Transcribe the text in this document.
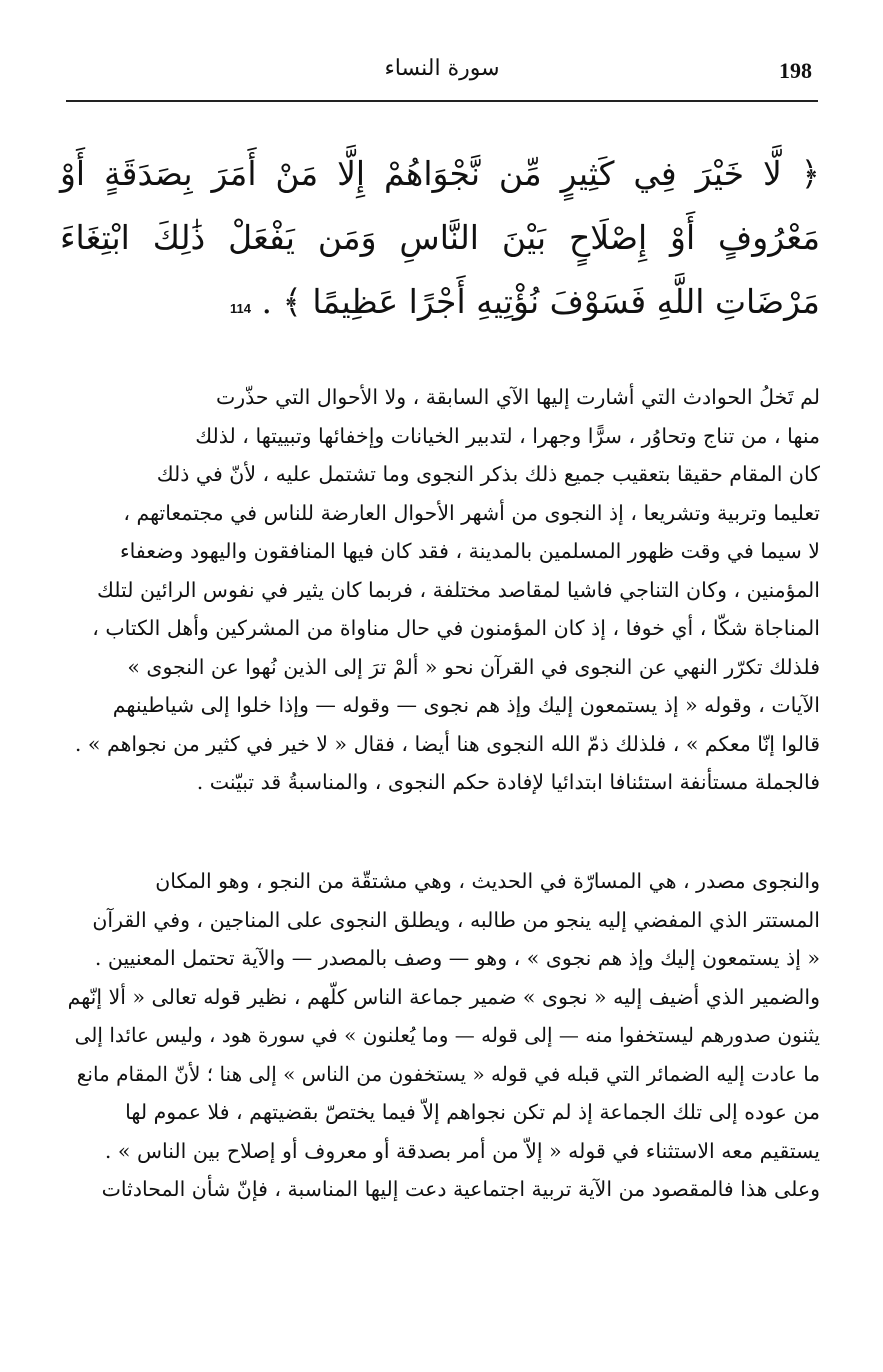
198
سورة النساء
﴿ لَّا خَيْرَ فِي كَثِيرٍ مِّن نَّجْوَاهُمْ إِلَّا مَنْ أَمَرَ بِصَدَقَةٍ أَوْ مَعْرُوفٍ أَوْ إِصْلَاحٍ بَيْنَ النَّاسِ وَمَن يَفْعَلْ ذَٰلِكَ ابْتِغَاءَ مَرْضَاتِ اللَّهِ فَسَوْفَ نُؤْتِيهِ أَجْرًا عَظِيمًا ﴾ . 114
لم تَخلُ الحوادث التي أشارت إليها الآي السابقة ، ولا الأحوال التي حذّرت
منها ، من تناج وتحاوُر ، سرًّا وجهرا ، لتدبير الخيانات وإخفائها وتبييتها ، لذلك
كان المقام حقيقا بتعقيب جميع ذلك بذكر النجوى وما تشتمل عليه ، لأنّ في ذلك
تعليما وتربية وتشريعا ، إذ النجوى من أشهر الأحوال العارضة للناس في مجتمعاتهم ،
لا سيما في وقت ظهور المسلمين بالمدينة ، فقد كان فيها المنافقون واليهود وضعفاء
المؤمنين ، وكان التناجي فاشيا لمقاصد مختلفة ، فربما كان يثير في نفوس الرائين لتلك
المناجاة شكّا ، أي خوفا ، إذ كان المؤمنون في حال مناواة من المشركين وأهل الكتاب ،
فلذلك تكرّر النهي عن النجوى في القرآن نحو « ألمْ ترَ إلى الذين نُهوا عن النجوى »
الآيات ، وقوله « إذ يستمعون إليك وإذ هم نجوى — وقوله — وإذا خلوا إلى شياطينهم
قالوا إنّا معكم » ، فلذلك ذمّ الله النجوى هنا أيضا ، فقال « لا خير في كثير من نجواهم » .
فالجملة مستأنفة استئنافا ابتدائيا لإفادة حكم النجوى ، والمناسبةُ قد تبيّنت .
والنجوى مصدر ، هي المسارّة في الحديث ، وهي مشتقّة من النجو ، وهو المكان
المستتر الذي المفضي إليه ينجو من طالبه ، ويطلق النجوى على المناجين ، وفي القرآن
« إذ يستمعون إليك وإذ هم نجوى » ، وهو — وصف بالمصدر — والآية تحتمل المعنيين .
والضمير الذي أضيف إليه « نجوى » ضمير جماعة الناس كلّهم ، نظير قوله تعالى « ألا إنّهم
يثنون صدورهم ليستخفوا منه — إلى قوله — وما يُعلنون » في سورة هود ، وليس عائدا إلى
ما عادت إليه الضمائر التي قبله في قوله « يستخفون من الناس » إلى هنا ؛ لأنّ المقام مانع
من عوده إلى تلك الجماعة إذ لم تكن نجواهم إلاّ فيما يختصّ بقضيتهم ، فلا عموم لها
يستقيم معه الاستثناء في قوله « إلاّ من أمر بصدقة أو معروف أو إصلاح بين الناس » .
وعلى هذا فالمقصود من الآية تربية اجتماعية دعت إليها المناسبة ، فإنّ شأن المحادثات
